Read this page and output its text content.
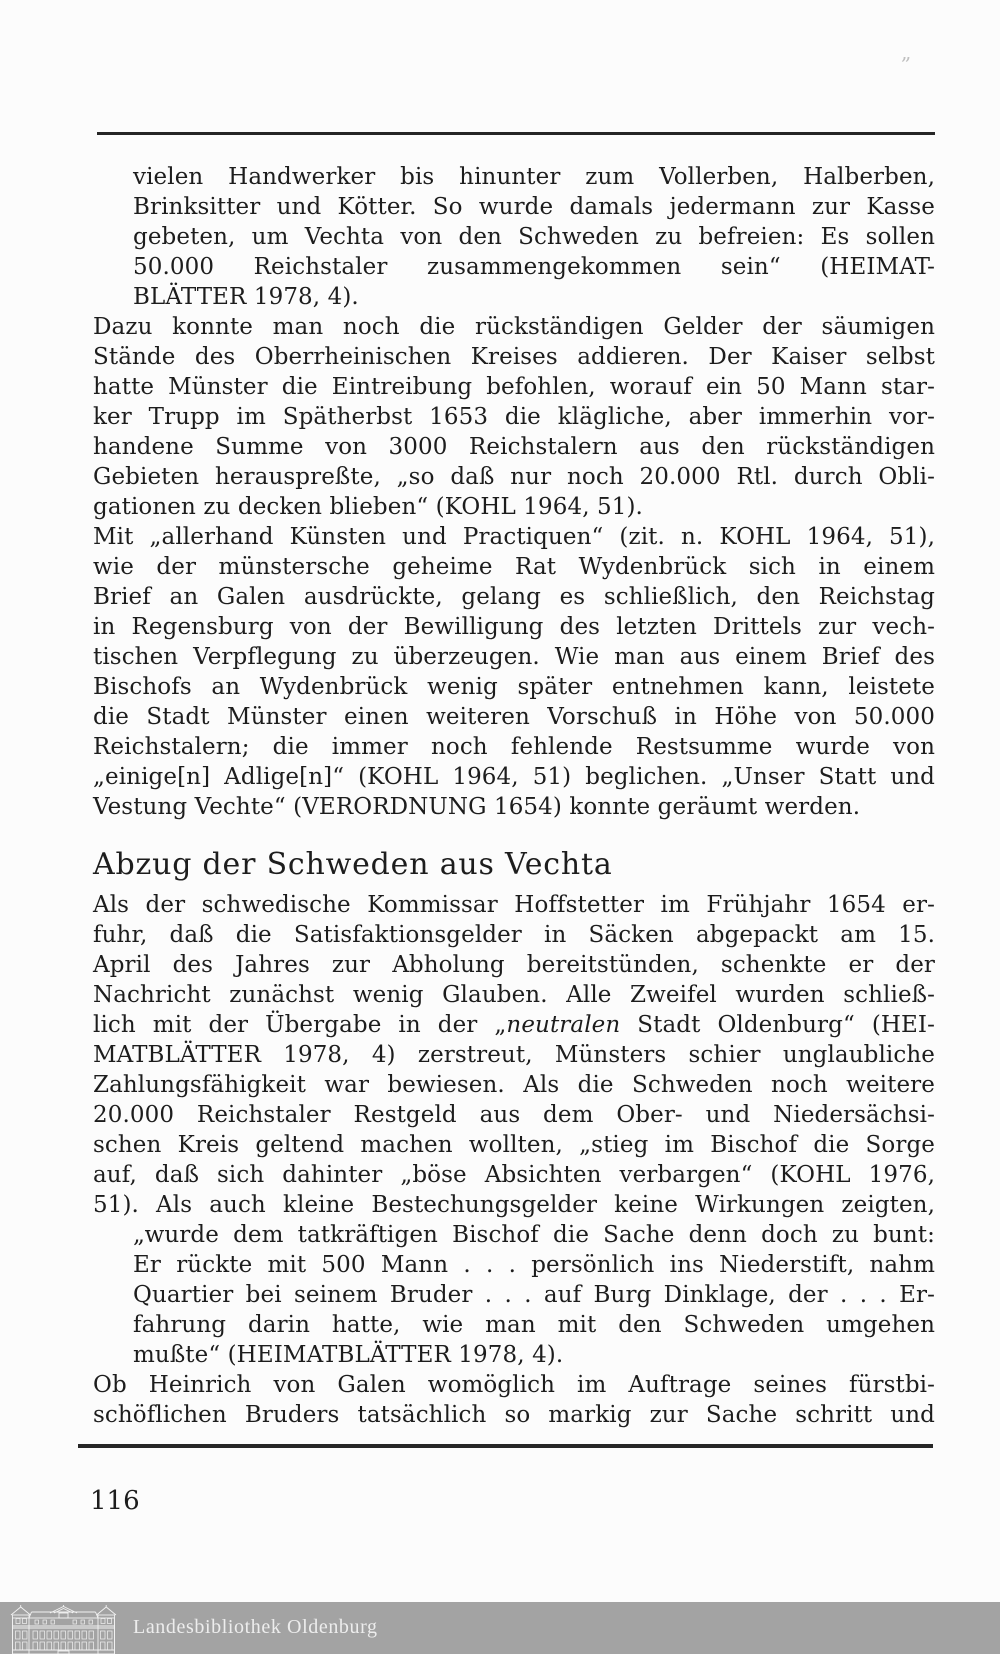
„
vielen Handwerker bis hinunter zum Vollerben, Halberben,
Brinksitter und Kötter. So wurde damals jedermann zur Kasse
gebeten, um Vechta von den Schweden zu befreien: Es sollen
50.000 Reichstaler zusammengekommen sein“ (HEIMAT-
BLÄTTER 1978, 4).
Dazu konnte man noch die rückständigen Gelder der säumigen
Stände des Oberrheinischen Kreises addieren. Der Kaiser selbst
hatte Münster die Eintreibung befohlen, worauf ein 50 Mann star-
ker Trupp im Spätherbst 1653 die klägliche, aber immerhin vor-
handene Summe von 3000 Reichstalern aus den rückständigen
Gebieten herauspreßte, „so daß nur noch 20.000 Rtl. durch Obli-
gationen zu decken blieben“ (KOHL 1964, 51).
Mit „allerhand Künsten und Practiquen“ (zit. n. KOHL 1964, 51),
wie der münstersche geheime Rat Wydenbrück sich in einem
Brief an Galen ausdrückte, gelang es schließlich, den Reichstag
in Regensburg von der Bewilligung des letzten Drittels zur vech-
tischen Verpflegung zu überzeugen. Wie man aus einem Brief des
Bischofs an Wydenbrück wenig später entnehmen kann, leistete
die Stadt Münster einen weiteren Vorschuß in Höhe von 50.000
Reichstalern; die immer noch fehlende Restsumme wurde von
„einige[n] Adlige[n]“ (KOHL 1964, 51) beglichen. „Unser Statt und
Vestung Vechte“ (VERORDNUNG 1654) konnte geräumt werden.
Abzug der Schweden aus Vechta
Als der schwedische Kommissar Hoffstetter im Frühjahr 1654 er-
fuhr, daß die Satisfaktionsgelder in Säcken abgepackt am 15.
April des Jahres zur Abholung bereitstünden, schenkte er der
Nachricht zunächst wenig Glauben. Alle Zweifel wurden schließ-
lich mit der Übergabe in der „neutralen Stadt Oldenburg“ (HEI-
MATBLÄTTER 1978, 4) zerstreut, Münsters schier unglaubliche
Zahlungsfähigkeit war bewiesen. Als die Schweden noch weitere
20.000 Reichstaler Restgeld aus dem Ober- und Niedersächsi-
schen Kreis geltend machen wollten, „stieg im Bischof die Sorge
auf, daß sich dahinter „böse Absichten verbargen“ (KOHL 1976,
51). Als auch kleine Bestechungsgelder keine Wirkungen zeigten,
„wurde dem tatkräftigen Bischof die Sache denn doch zu bunt:
Er rückte mit 500 Mann . . . persönlich ins Niederstift, nahm
Quartier bei seinem Bruder . . . auf Burg Dinklage, der . . . Er-
fahrung darin hatte, wie man mit den Schweden umgehen
mußte“ (HEIMATBLÄTTER 1978, 4).
Ob Heinrich von Galen womöglich im Auftrage seines fürstbi-
schöflichen Bruders tatsächlich so markig zur Sache schritt und
116
Landesbibliothek Oldenburg
